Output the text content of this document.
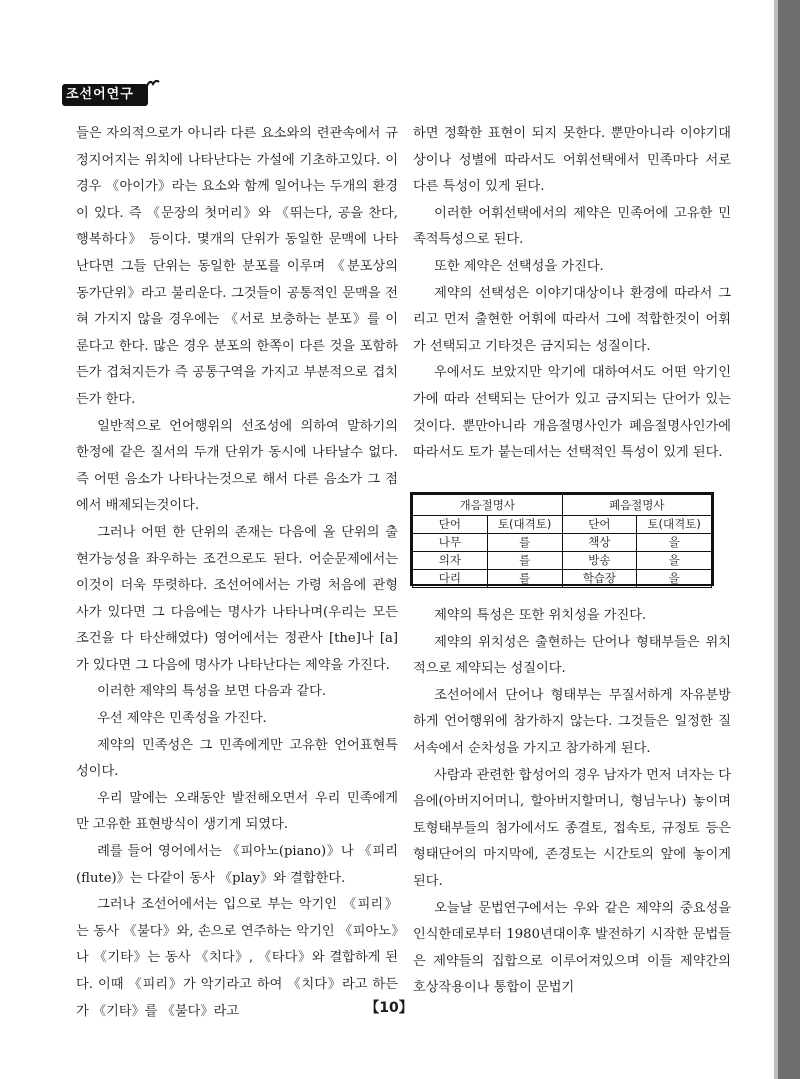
조선어연구

들은 자의적으로가 아니라 다른 요소와의 련관속에서 규정지어지는 위치에 나타난다는 가설에 기초하고있다. 이 경우 《아이가》라는 요소와 함께 일어나는 두개의 환경이 있다. 즉 《문장의 첫머리》와 《뛰는다, 공을 찬다, 행복하다》 등이다. 몇개의 단위가 동일한 문맥에 나타난다면 그들 단위는 동일한 분포를 이루며 《분포상의 동가단위》라고 불리운다. 그것들이 공통적인 문맥을 전혀 가지지 않을 경우에는 《서로 보충하는 분포》를 이룬다고 한다. 많은 경우 분포의 한쪽이 다른 것을 포함하든가 겹쳐지든가 즉 공통구역을 가지고 부분적으로 겹치든가 한다.

일반적으로 언어행위의 선조성에 의하여 말하기의 한정에 같은 질서의 두개 단위가 동시에 나타날수 없다. 즉 어떤 음소가 나타나는것으로 해서 다른 음소가 그 점에서 배제되는것이다.

그러나 어떤 한 단위의 존재는 다음에 올 단위의 출현가능성을 좌우하는 조건으로도 된다. 어순문제에서는 이것이 더욱 뚜렷하다. 조선어에서는 가령 처음에 관형사가 있다면 그 다음에는 명사가 나타나며(우리는 모든 조건을 다 타산해였다) 영어에서는 정관사 [the]나 [a]가 있다면 그 다음에 명사가 나타난다는 제약을 가진다.

이러한 제약의 특성을 보면 다음과 같다.

우선 제약은 민족성을 가진다.

제약의 민족성은 그 민족에게만 고유한 언어표현특성이다.

우리 말에는 오래동안 발전해오면서 우리 민족에게만 고유한 표현방식이 생기게 되였다.

례를 들어 영어에서는 《피아노(piano)》나 《피리(flute)》는 다같이 동사 《play》와 결합한다.

그러나 조선어에서는 입으로 부는 악기인 《피리》는 동사 《불다》와, 손으로 연주하는 악기인 《피아노》나 《기타》는 동사 《치다》, 《타다》와 결합하게 된다. 이때 《피리》가 악기라고 하여 《치다》라고 하든가 《기타》를 《불다》라고

하면 정확한 표현이 되지 못한다. 뿐만아니라 이야기대상이나 성별에 따라서도 어휘선택에서 민족마다 서로 다른 특성이 있게 된다.

이러한 어휘선택에서의 제약은 민족어에 고유한 민족적특성으로 된다.

또한 제약은 선택성을 가진다.

제약의 선택성은 이야기대상이나 환경에 따라서 그리고 먼저 출현한 어휘에 따라서 그에 적합한것이 어휘가 선택되고 기타것은 금지되는 성질이다.

우에서도 보았지만 악기에 대하여서도 어떤 악기인가에 따라 선택되는 단어가 있고 금지되는 단어가 있는것이다. 뿐만아니라 개음절명사인가 폐음절명사인가에 따라서도 토가 붙는데서는 선택적인 특성이 있게 된다.

개음절명사		폐음절명사	
단어	토(대격토)	단어	토(대격토)
나무	를	책상	을
의자	를	방송	을
다리	를	학습장	을

제약의 특성은 또한 위치성을 가진다.

제약의 위치성은 출현하는 단어나 형태부들은 위치적으로 제약되는 성질이다.

조선어에서 단어나 형태부는 무질서하게 자유분방하게 언어행위에 참가하지 않는다. 그것들은 일정한 질서속에서 순차성을 가지고 참가하게 된다.

사람과 관련한 합성어의 경우 남자가 먼저 녀자는 다음에(아버지어머니, 할아버지할머니, 형님누나) 놓이며 토형태부들의 첨가에서도 종결토, 접속토, 규정토 등은 형태단어의 마지막에, 존경토는 시간토의 앞에 놓이게 된다.

오늘날 문법연구에서는 우와 같은 제약의 중요성을 인식한데로부터 1980년대이후 발전하기 시작한 문법들은 제약들의 집합으로 이루어져있으며 이들 제약간의 호상작용이나 통합이 문법기

【10】
